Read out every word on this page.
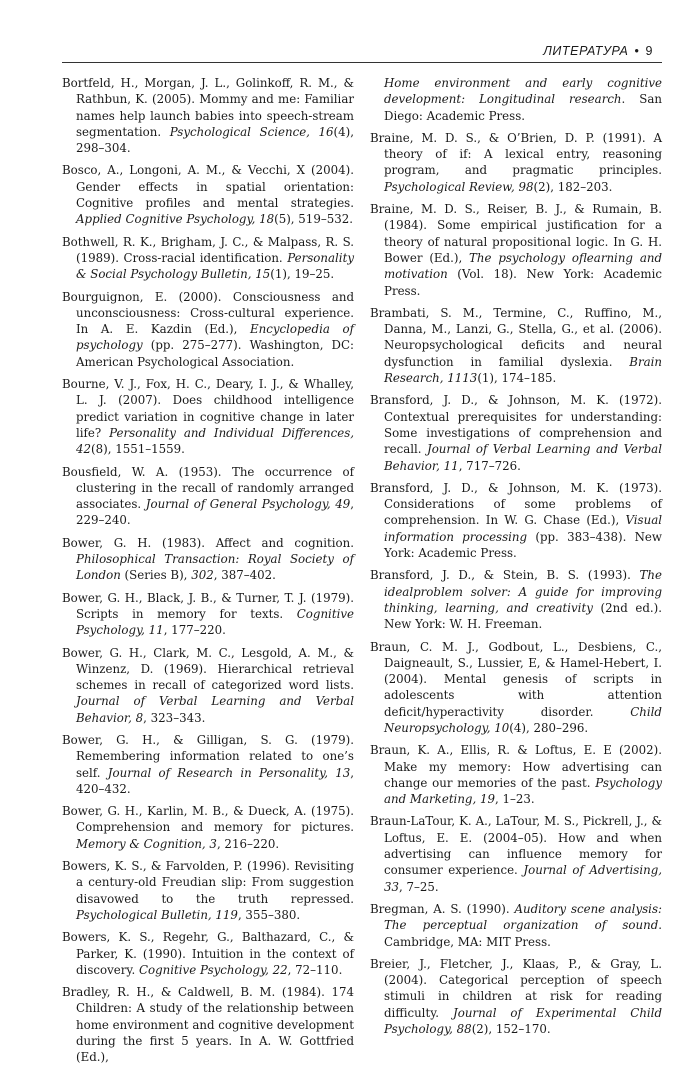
ЛИТЕРАТУРА • 9

Bortfeld, H., Morgan, J. L., Golinkoff, R. M., & Rathbun, K. (2005). Mommy and me: Familiar names help launch babies into speech-stream segmentation. Psychological Science, 16(4), 298–304.

Bosco, A., Longoni, A. M., & Vecchi, X (2004). Gender effects in spatial orientation: Cognitive profiles and mental strategies. Applied Cognitive Psychology, 18(5), 519–532.

Bothwell, R. K., Brigham, J. C., & Malpass, R. S. (1989). Cross-racial identification. Personality & Social Psychology Bulletin, 15(1), 19–25.

Bourguignon, E. (2000). Consciousness and unconsciousness: Cross-cultural experience. In A. E. Kazdin (Ed.), Encyclopedia of psychology (pp. 275–277). Washington, DC: American Psychological Association.

Bourne, V. J., Fox, H. C., Deary, I. J., & Whalley, L. J. (2007). Does childhood intelligence predict variation in cognitive change in later life? Personality and Individual Differences, 42(8), 1551–1559.

Bousfield, W. A. (1953). The occurrence of clustering in the recall of randomly arranged associates. Journal of General Psychology, 49, 229–240.

Bower, G. H. (1983). Affect and cognition. Philosophical Transaction: Royal Society of London (Series B), 302, 387–402.

Bower, G. H., Black, J. B., & Turner, T. J. (1979). Scripts in memory for texts. Cognitive Psychology, 11, 177–220.

Bower, G. H., Clark, M. C., Lesgold, A. M., & Winzenz, D. (1969). Hierarchical retrieval schemes in recall of categorized word lists. Journal of Verbal Learning and Verbal Behavior, 8, 323–343.

Bower, G. H., & Gilligan, S. G. (1979). Remembering information related to one’s self. Journal of Research in Personality, 13, 420–432.

Bower, G. H., Karlin, M. B., & Dueck, A. (1975). Comprehension and memory for pictures. Memory & Cognition, 3, 216–220.

Bowers, K. S., & Farvolden, P. (1996). Revisiting a century-old Freudian slip: From suggestion disavowed to the truth repressed. Psychological Bulletin, 119, 355–380.

Bowers, K. S., Regehr, G., Balthazard, C., & Parker, K. (1990). Intuition in the context of discovery. Cognitive Psychology, 22, 72–110.

Bradley, R. H., & Caldwell, B. M. (1984). 174 Children: A study of the relationship between home environment and cognitive development during the first 5 years. In A. W. Gottfried (Ed.),

Home environment and early cognitive development: Longitudinal research. San Diego: Academic Press.

Braine, M. D. S., & O’Brien, D. P. (1991). A theory of if: A lexical entry, reasoning program, and pragmatic principles. Psychological Review, 98(2), 182–203.

Braine, M. D. S., Reiser, B. J., & Rumain, B. (1984). Some empirical justification for a theory of natural propositional logic. In G. H. Bower (Ed.), The psychology oflearning and motivation (Vol. 18). New York: Academic Press.

Brambati, S. M., Termine, C., Ruffino, M., Danna, M., Lanzi, G., Stella, G., et al. (2006). Neuropsychological deficits and neural dysfunction in familial dyslexia. Brain Research, 1113(1), 174–185.

Bransford, J. D., & Johnson, M. K. (1972). Contextual prerequisites for understanding: Some investigations of comprehension and recall. Journal of Verbal Learning and Verbal Behavior, 11, 717–726.

Bransford, J. D., & Johnson, M. K. (1973). Considerations of some problems of comprehension. In W. G. Chase (Ed.), Visual information processing (pp. 383–438). New York: Academic Press.

Bransford, J. D., & Stein, B. S. (1993). The idealproblem solver: A guide for improving thinking, learning, and creativity (2nd ed.). New York: W. H. Freeman.

Braun, C. M. J., Godbout, L., Desbiens, C., Daigneault, S., Lussier, E, & Hamel-Hebert, I. (2004). Mental genesis of scripts in adolescents with attention deficit/hyperactivity disorder. Child Neuropsychology, 10(4), 280–296.

Braun, K. A., Ellis, R. & Loftus, E. E (2002). Make my memory: How advertising can change our memories of the past. Psychology and Marketing, 19, 1–23.

Braun-LaTour, K. A., LaTour, M. S., Pickrell, J., & Loftus, E. E. (2004–05). How and when advertising can influence memory for consumer experience. Journal of Advertising, 33, 7–25.

Bregman, A. S. (1990). Auditory scene analysis: The perceptual organization of sound. Cambridge, MA: MIT Press.

Breier, J., Fletcher, J., Klaas, P., & Gray, L. (2004). Categorical perception of speech stimuli in children at risk for reading difficulty. Journal of Experimental Child Psychology, 88(2), 152–170.
